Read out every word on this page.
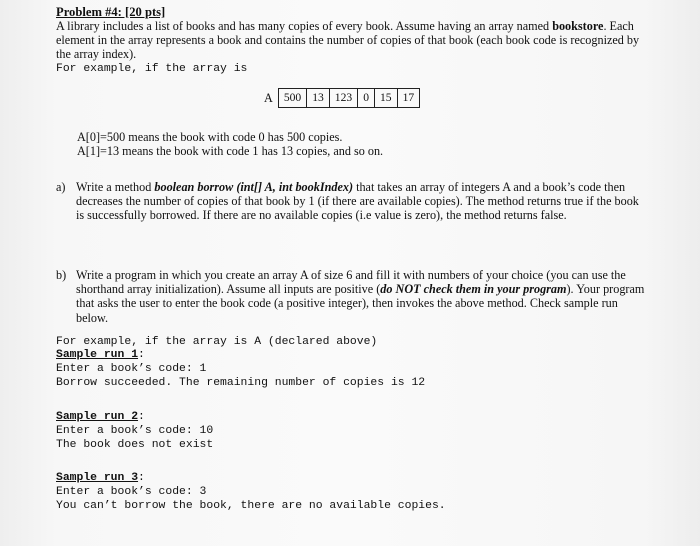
Problem #4: [20 pts]
A library includes a list of books and has many copies of every book. Assume having an array named bookstore. Each element in the array represents a book and contains the number of copies of that book (each book code is recognized by the array index).
For example, if the array is
A 500 13 123 0 15 17
A[0]=500 means the book with code 0 has 500 copies.
A[1]=13 means the book with code 1 has 13 copies, and so on.
a) Write a method boolean borrow (int[] A, int bookIndex) that takes an array of integers A and a book’s code then decreases the number of copies of that book by 1 (if there are available copies). The method returns true if the book is successfully borrowed. If there are no available copies (i.e value is zero), the method returns false.
b) Write a program in which you create an array A of size 6 and fill it with numbers of your choice (you can use the shorthand array initialization). Assume all inputs are positive (do NOT check them in your program). Your program that asks the user to enter the book code (a positive integer), then invokes the above method. Check sample run below.
For example, if the array is A (declared above)
Sample run 1:
Enter a book’s code: 1
Borrow succeeded. The remaining number of copies is 12
Sample run 2:
Enter a book’s code: 10
The book does not exist
Sample run 3:
Enter a book’s code: 3
You can’t borrow the book, there are no available copies.
